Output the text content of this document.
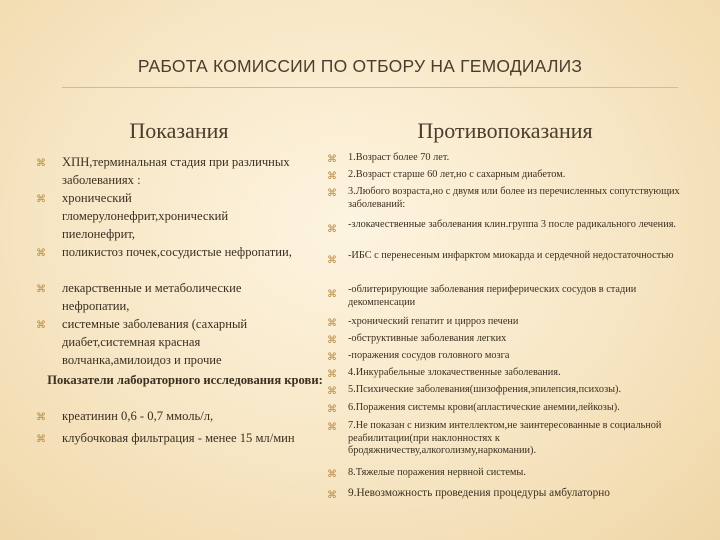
РАБОТА КОМИССИИ ПО ОТБОРУ НА ГЕМОДИАЛИЗ
Показания	Противопоказания
⌘ ХПН,терминальная стадия при различных заболеваниях :
⌘ хронический гломерулонефрит,хронический пиелонефрит,
⌘ поликистоз почек,сосудистые нефропатии,
⌘ лекарственные и метаболические нефропатии,
⌘ системные заболевания (сахарный диабет,системная красная волчанка,амилоидоз и прочие
Показатели лабораторного исследования крови:
⌘ креатинин 0,6 - 0,7 ммоль/л,
⌘ клубочковая фильтрация - менее 15 мл/мин
⌘ 1.Возраст более 70 лет.
⌘ 2.Возраст старше 60 лет,но с сахарным диабетом.
⌘ 3.Любого возраста,но с двумя или более из перечисленных сопутствующих заболеваний:
⌘ -злокачественные заболевания клин.группа 3 после радикального лечения.
⌘ -ИБС с перенесеным инфарктом миокарда и сердечной недостаточностью
⌘ -облитерирующие заболевания периферических сосудов в стадии декомпенсации
⌘ -хронический гепатит и цирроз печени
⌘ -обструктивные заболевания легких
⌘ -поражения сосудов головного мозга
⌘ 4.Инкурабельные злокачественные заболевания.
⌘ 5.Психические заболевания(шизофрения,эпилепсия,психозы).
⌘ 6.Поражения системы крови(апластические анемии,лейкозы).
⌘ 7.Не показан с низким интеллектом,не заинтересованные в социальной реабилитации(при наклонностях к бродяжничеству,алкоголизму,наркомании).
⌘ 8.Тяжелые поражения нервной системы.
⌘ 9.Невозможность проведения процедуры амбулаторно
